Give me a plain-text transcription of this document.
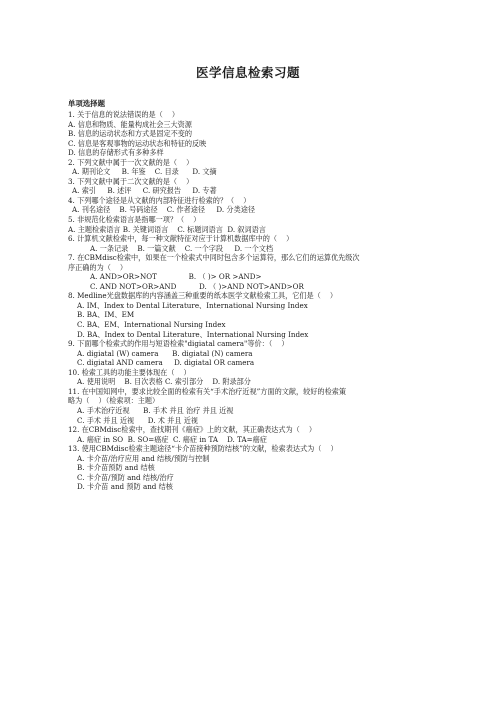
医学信息检索习题
单项选择题
1. 关于信息的说法错误的是（    ）
A. 信息和物质、能量构成社会三大资源
B. 信息的运动状态和方式是固定不变的
C. 信息是客观事物的运动状态和特征的反映
D. 信息的存储形式有多种多样
2. 下列文献中属于一次文献的是（    ）
A. 期刊论文     B. 年鉴    C. 目录      D. 文摘
3. 下列文献中属于二次文献的是（    ）
A. 索引     B. 述评     C. 研究报告     D. 专著
4. 下列哪个途径是从文献的内部特征进行检索的？（    ）
A. 刊名途径    B. 号码途径    C. 作者途径     D. 分类途径
5. 非规范化检索语言是指哪一项？（    ）
A. 主题检索语言 B. 关键词语言    C. 标题词语言  D. 叙词语言
6. 计算机文献检索中，每一种文献特征对应于计算机数据库中的（    ）
A. 一条记录    B. 一篇文献    C. 一个字段     D. 一个文档
7. 在CBMdisc检索中，如果在一个检索式中同时包含多个运算符，那么它们的运算优先级次
序正确的为（    ）
A. AND>OR>NOT              B. （ )> OR >AND>
C. AND NOT>OR>AND          D. （ )>AND NOT>AND>OR
8. Medline光盘数据库的内容涵盖三种重要的纸本医学文献检索工具，它们是（    ）
A. IM、Index to Dental Literature、International Nursing Index
B. BA、IM、EM
C. BA、EM、International Nursing Index
D. BA、Index to Dental Literature、International Nursing Index
9. 下面哪个检索式的作用与短语检索"digiatal camera"等价：（    ）
A. digiatal (W) camera      B. digiatal (N) camera
C. digiatal AND camera     D. digiatal OR camera
10. 检索工具的功能主要体现在（    ）
A. 使用说明    B. 目次表格 C. 索引部分    D. 附录部分
11. 在中国知网中，要求比较全面的检索有关“手术治疗近视”方面的文献，较好的检索策
略为（    ）（检索项：主题）
A. 手术治疗近视      B. 手术 并且 治疗 并且 近视
C. 手术 并且 近视      D. 术 并且 近视
12. 在CBMdisc检索中，查找期刊《癌症》上的文献，其正确表达式为（    ）
A. 癌症 in SO  B. SO=癌症  C. 癌症 in TA    D. TA=癌症
13. 使用CBMdisc检索主题途径“卡介苗接种预防结核”的文献，检索表达式为（    ）
A. 卡介苗/治疗应用 and 结核/预防与控制
B. 卡介苗预防 and 结核
C. 卡介苗/预防 and 结核/治疗
D. 卡介苗 and 预防 and 结核
